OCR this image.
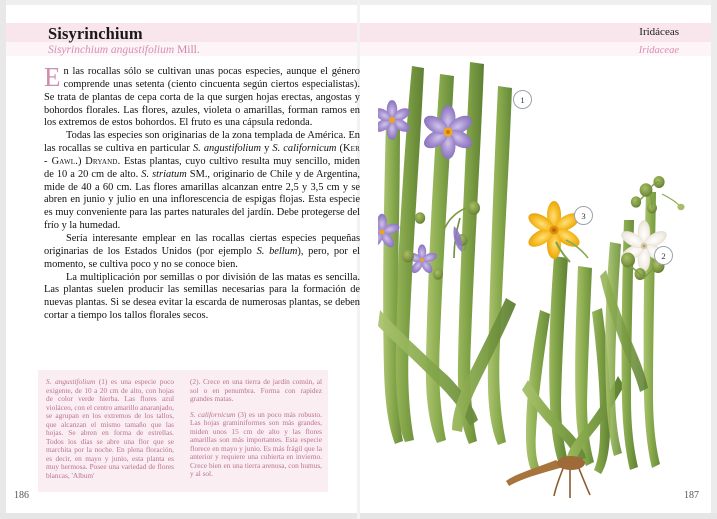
Sisyrinchium
Sisyrinchium angustifolium Mill.
Iridáceas
Iridaceae

En las rocallas sólo se cultivan unas pocas especies, aunque el género comprende unas setenta (ciento cincuenta según ciertos especialistas). Se trata de plantas de cepa corta de la que surgen hojas erectas, angostas y bohordos florales. Las flores, azules, violeta o amarillas, forman ramos en los extremos de estos bohordos. El fruto es una cápsula redonda.

Todas las especies son originarias de la zona templada de América. En las rocallas se cultiva en particular S. angustifolium y S. californicum (Ker - Gawl.) Dryand. Estas plantas, cuyo cultivo resulta muy sencillo, miden de 10 a 20 cm de alto. S. striatum SM., originario de Chile y de Argentina, mide de 40 a 60 cm. Las flores amarillas alcanzan entre 2,5 y 3,5 cm y se abren en junio y julio en una inflorescencia de espigas flojas. Esta especie es muy conveniente para las partes naturales del jardín. Debe protegerse del frío y la humedad.

Sería interesante emplear en las rocallas ciertas especies pequeñas originarias de los Estados Unidos (por ejemplo S. bellum), pero, por el momento, se cultiva poco y no se conoce bien.

La multiplicación por semillas o por división de las matas es sencilla. Las plantas suelen producir las semillas necesarias para la formación de nuevas plantas. Si se desea evitar la escarda de numerosas plantas, se deben cortar a tiempo los tallos florales secos.

S. angustifolium (1) es una especie poco exigente, de 10 a 20 cm de alto, con hojas de color verde hierba. Las flores azul violáceo, con el centro amarillo anaranjado, se agrupan en los extremos de los tallos, que alcanzan el mismo tamaño que las hojas. Se abren en forma de estrellas. Todos los días se abre una flor que se marchita por la noche. En plena floración, es decir, en mayo y junio, esta planta es muy hermosa. Posee una variedad de flores blancas, 'Album'

(2). Crece en una tierra de jardín común, al sol o en penumbra. Forma con rapidez grandes matas.

S. californicum (3) es un poco más robusto. Las hojas graminiformes son más grandes, miden unos 15 cm de alto y las flores amarillas son más importantes. Esta especie florece en mayo y junio. Es más frágil que la anterior y requiere una cubierta en invierno. Crece bien en una tierra arenosa, con humus, y al sol.

1
3
2
186	187
